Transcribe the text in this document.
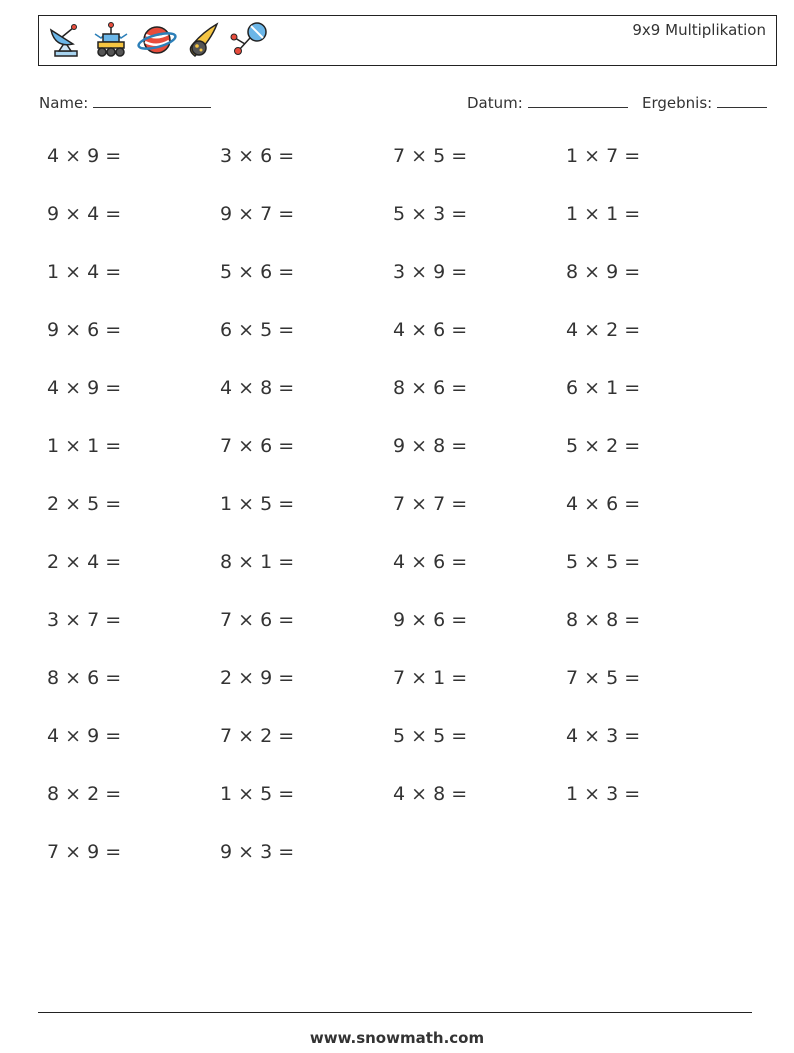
9x9 Multiplikation
Name:	Datum:	Ergebnis:
4 × 9 =	3 × 6 =	7 × 5 =	1 × 7 =
9 × 4 =	9 × 7 =	5 × 3 =	1 × 1 =
1 × 4 =	5 × 6 =	3 × 9 =	8 × 9 =
9 × 6 =	6 × 5 =	4 × 6 =	4 × 2 =
4 × 9 =	4 × 8 =	8 × 6 =	6 × 1 =
1 × 1 =	7 × 6 =	9 × 8 =	5 × 2 =
2 × 5 =	1 × 5 =	7 × 7 =	4 × 6 =
2 × 4 =	8 × 1 =	4 × 6 =	5 × 5 =
3 × 7 =	7 × 6 =	9 × 6 =	8 × 8 =
8 × 6 =	2 × 9 =	7 × 1 =	7 × 5 =
4 × 9 =	7 × 2 =	5 × 5 =	4 × 3 =
8 × 2 =	1 × 5 =	4 × 8 =	1 × 3 =
7 × 9 =	9 × 3 =
www.snowmath.com
